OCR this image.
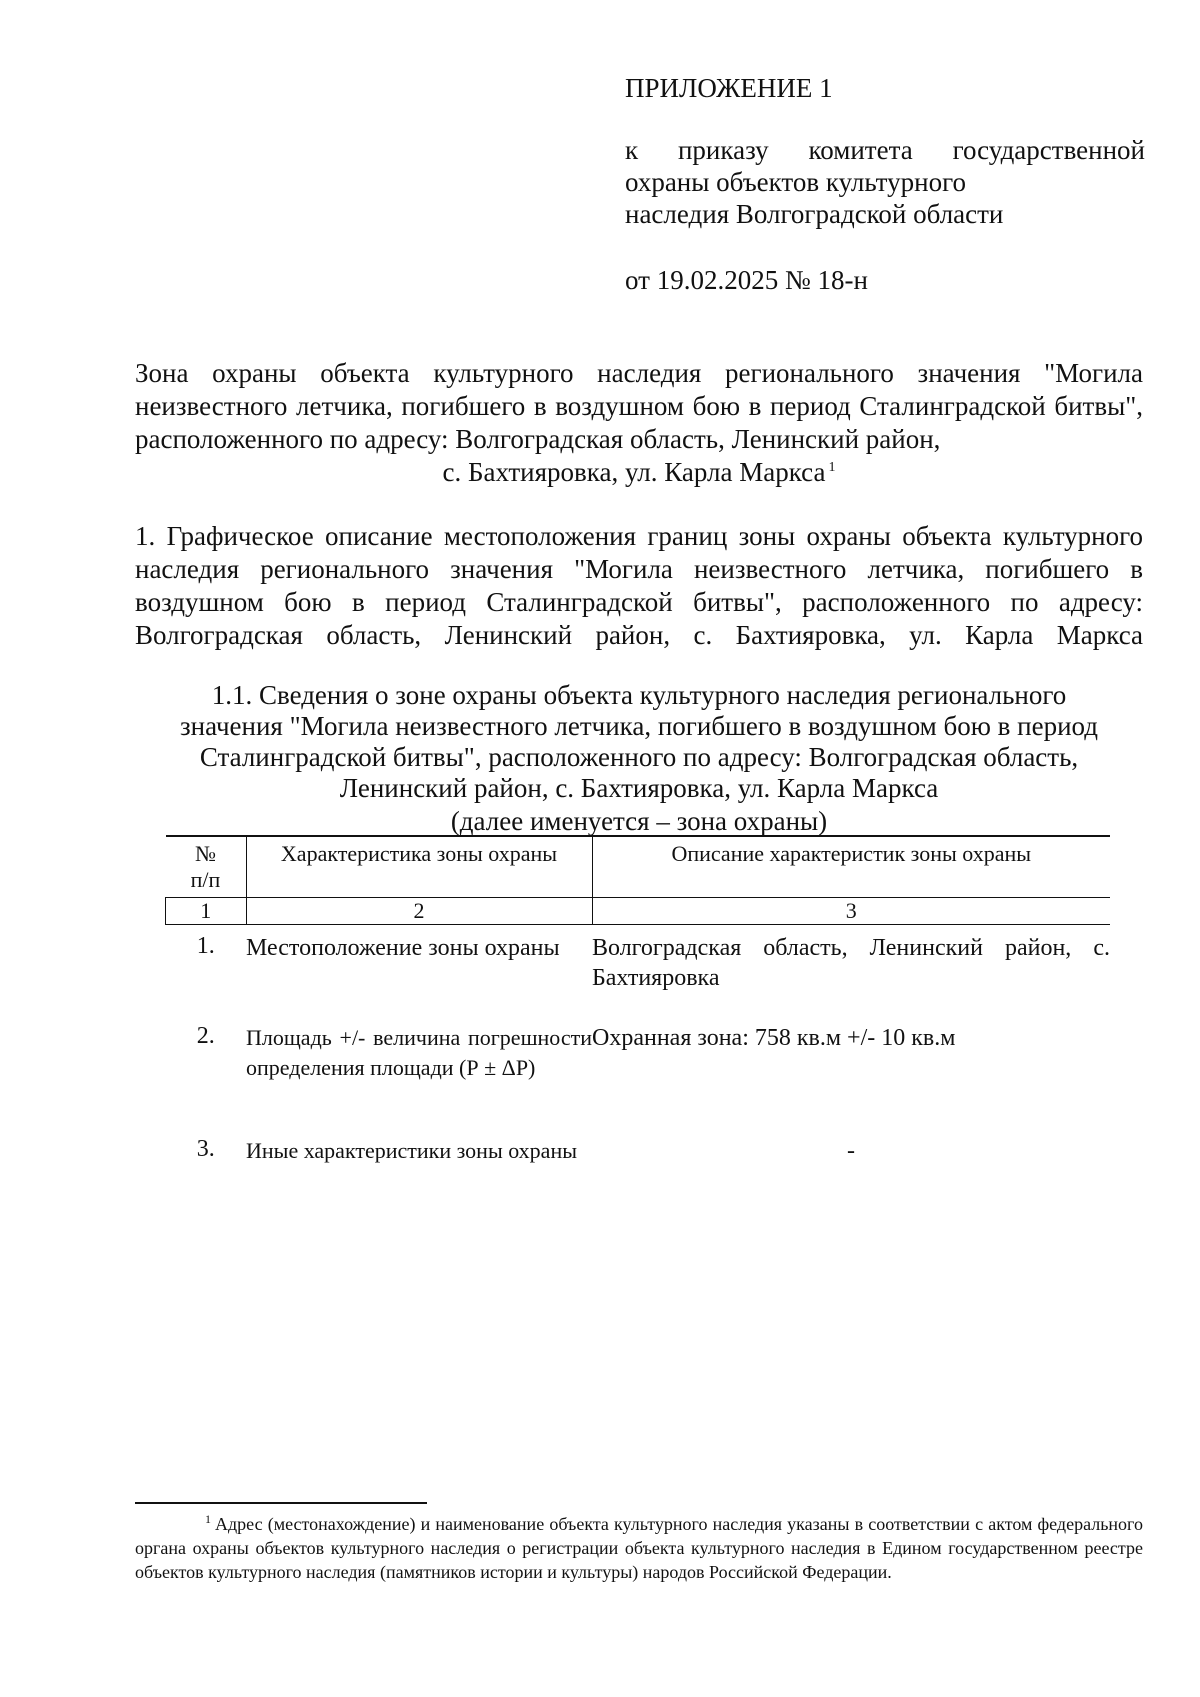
ПРИЛОЖЕНИЕ 1

к приказу комитета государственной
охраны объектов культурного
наследия Волгоградской области
от 19.02.2025 № 18-н
Зона охраны объекта культурного наследия регионального значения "Могила неизвестного летчика, погибшего в воздушном бою в период Сталинградской битвы", расположенного по адресу: Волгоградская область, Ленинский район,
с. Бахтияровка, ул. Карла Маркса $^1$
1. Графическое описание местоположения границ зоны охраны объекта культурного наследия регионального значения "Могила неизвестного летчика, погибшего в воздушном бою в период Сталинградской битвы", расположенного по адресу: Волгоградская область, Ленинский район, с. Бахтияровка, ул. Карла Маркса
1.1. Сведения о зоне охраны объекта культурного наследия регионального
значения "Могила неизвестного летчика, погибшего в воздушном бою в период
Сталинградской битвы", расположенного по адресу: Волгоградская область,
Ленинский район, с. Бахтияровка, ул. Карла Маркса
(далее именуется – зона охраны)
№
п/п	Характеристика зоны охраны	Описание характеристик зоны охраны
1	2	3
1.	Местоположение зоны охраны	Волгоградская область, Ленинский район, с. Бахтияровка
2.	Площадь +/- величина погрешности определения площади (Р ± ΔР)	Охранная зона: 758 кв.м +/- 10 кв.м
3.	Иные характеристики зоны охраны	-
$^1$ Адрес (местонахождение) и наименование объекта культурного наследия указаны в соответствии с актом федерального органа охраны объектов культурного наследия о регистрации объекта культурного наследия в Едином государственном реестре объектов культурного наследия (памятников истории и культуры) народов Российской Федерации.
